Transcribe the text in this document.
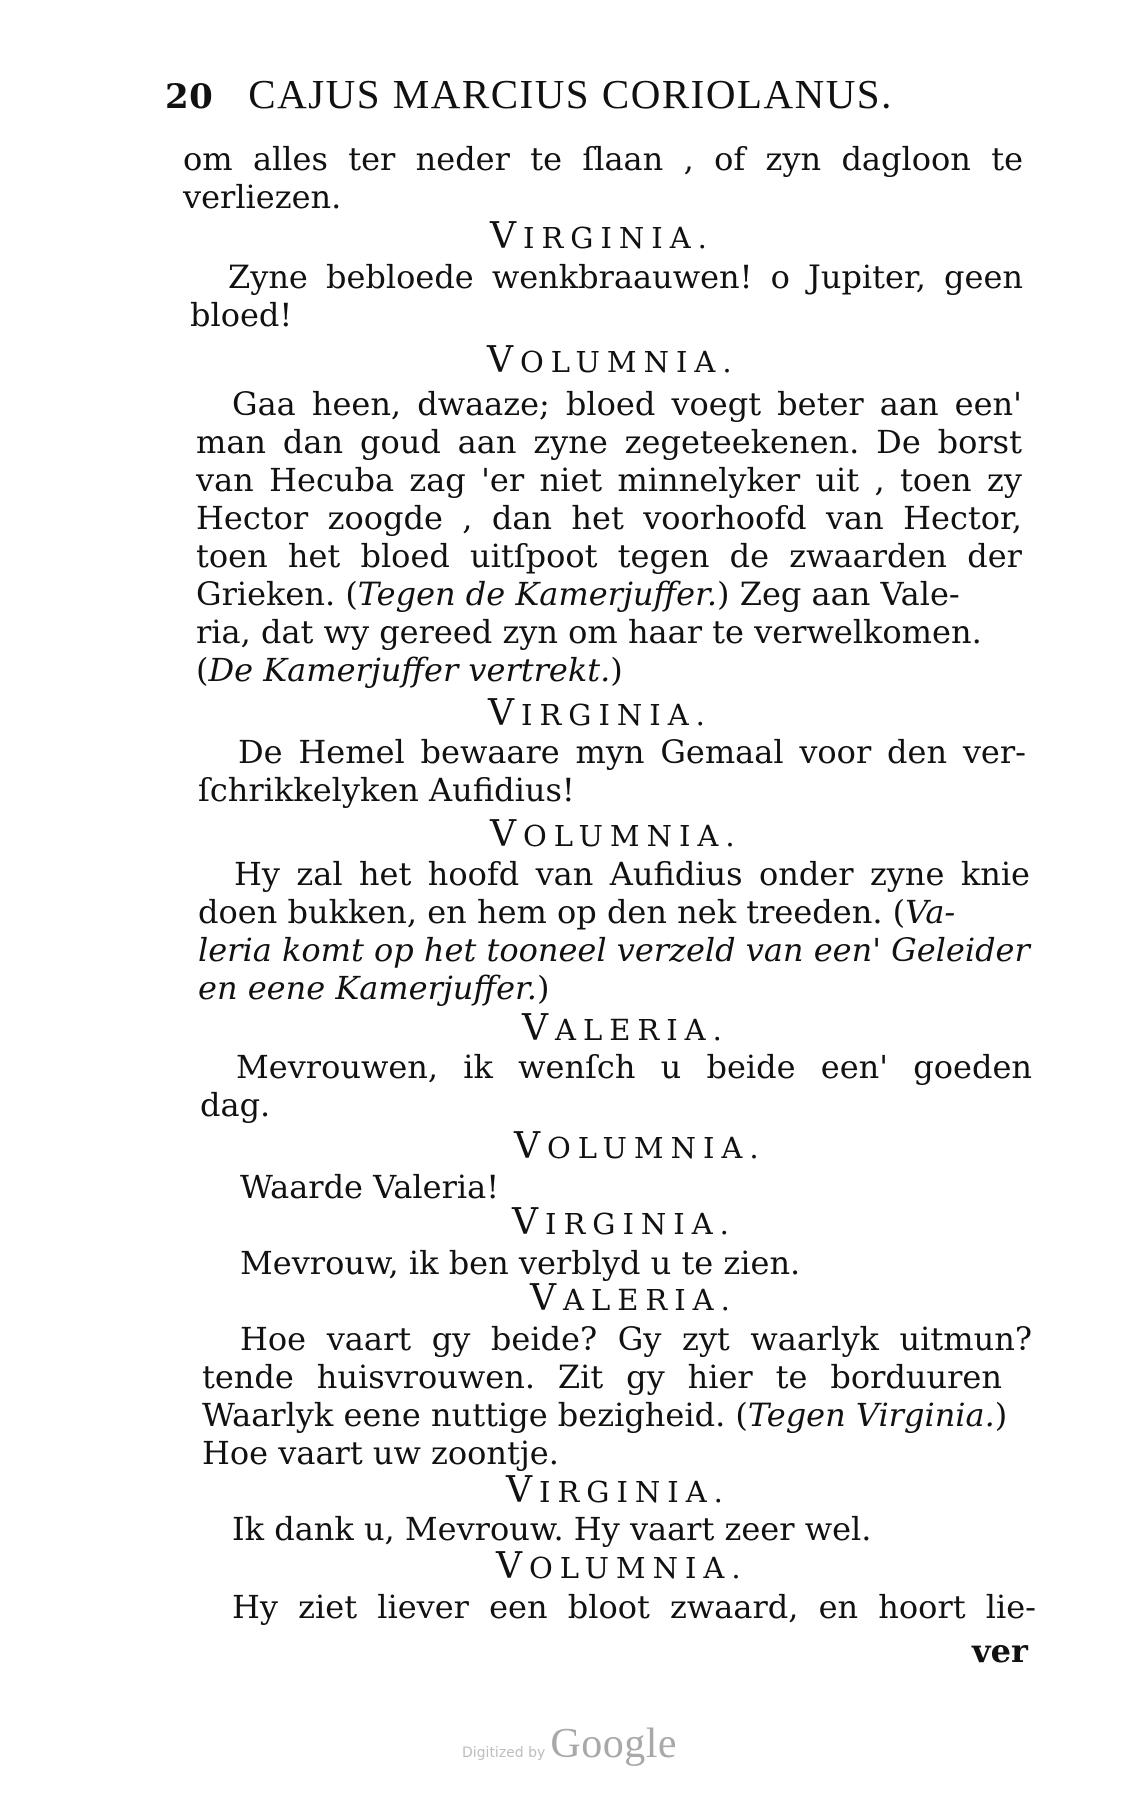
20 CAJUS MARCIUS CORIOLANUS.
om alles ter neder te ſlaan , of zyn dagloon te
verliezen.
VIRGINIA.
Zyne bebloede wenkbraauwen! o Jupiter, geen
bloed!
VOLUMNIA.
Gaa heen, dwaaze; bloed voegt beter aan een'
man dan goud aan zyne zegeteekenen. De borst
van Hecuba zag 'er niet minnelyker uit , toen zy
Hector zoogde , dan het voorhoofd van Hector,
toen het bloed uitſpoot tegen de zwaarden der
Grieken. (Tegen de Kamerjuffer.) Zeg aan Vale-
ria, dat wy gereed zyn om haar te verwelkomen.
(De Kamerjuffer vertrekt.)
VIRGINIA.
De Hemel bewaare myn Gemaal voor den ver-
ſchrikkelyken Aufidius!
VOLUMNIA.
Hy zal het hoofd van Aufidius onder zyne knie
doen bukken, en hem op den nek treeden. (Va-
leria komt op het tooneel verzeld van een' Geleider
en eene Kamerjuffer.)
VALERIA.
Mevrouwen, ik wenſch u beide een' goeden
dag.
VOLUMNIA.
Waarde Valeria!
VIRGINIA.
Mevrouw, ik ben verblyd u te zien.
VALERIA.
Hoe vaart gy beide? Gy zyt waarlyk uitmun?
tende huisvrouwen. Zit gy hier te borduuren
Waarlyk eene nuttige bezigheid. (Tegen Virginia.)
Hoe vaart uw zoontje.
VIRGINIA.
Ik dank u, Mevrouw. Hy vaart zeer wel.
VOLUMNIA.
Hy ziet liever een bloot zwaard, en hoort lie-
ver
Digitized by Google
